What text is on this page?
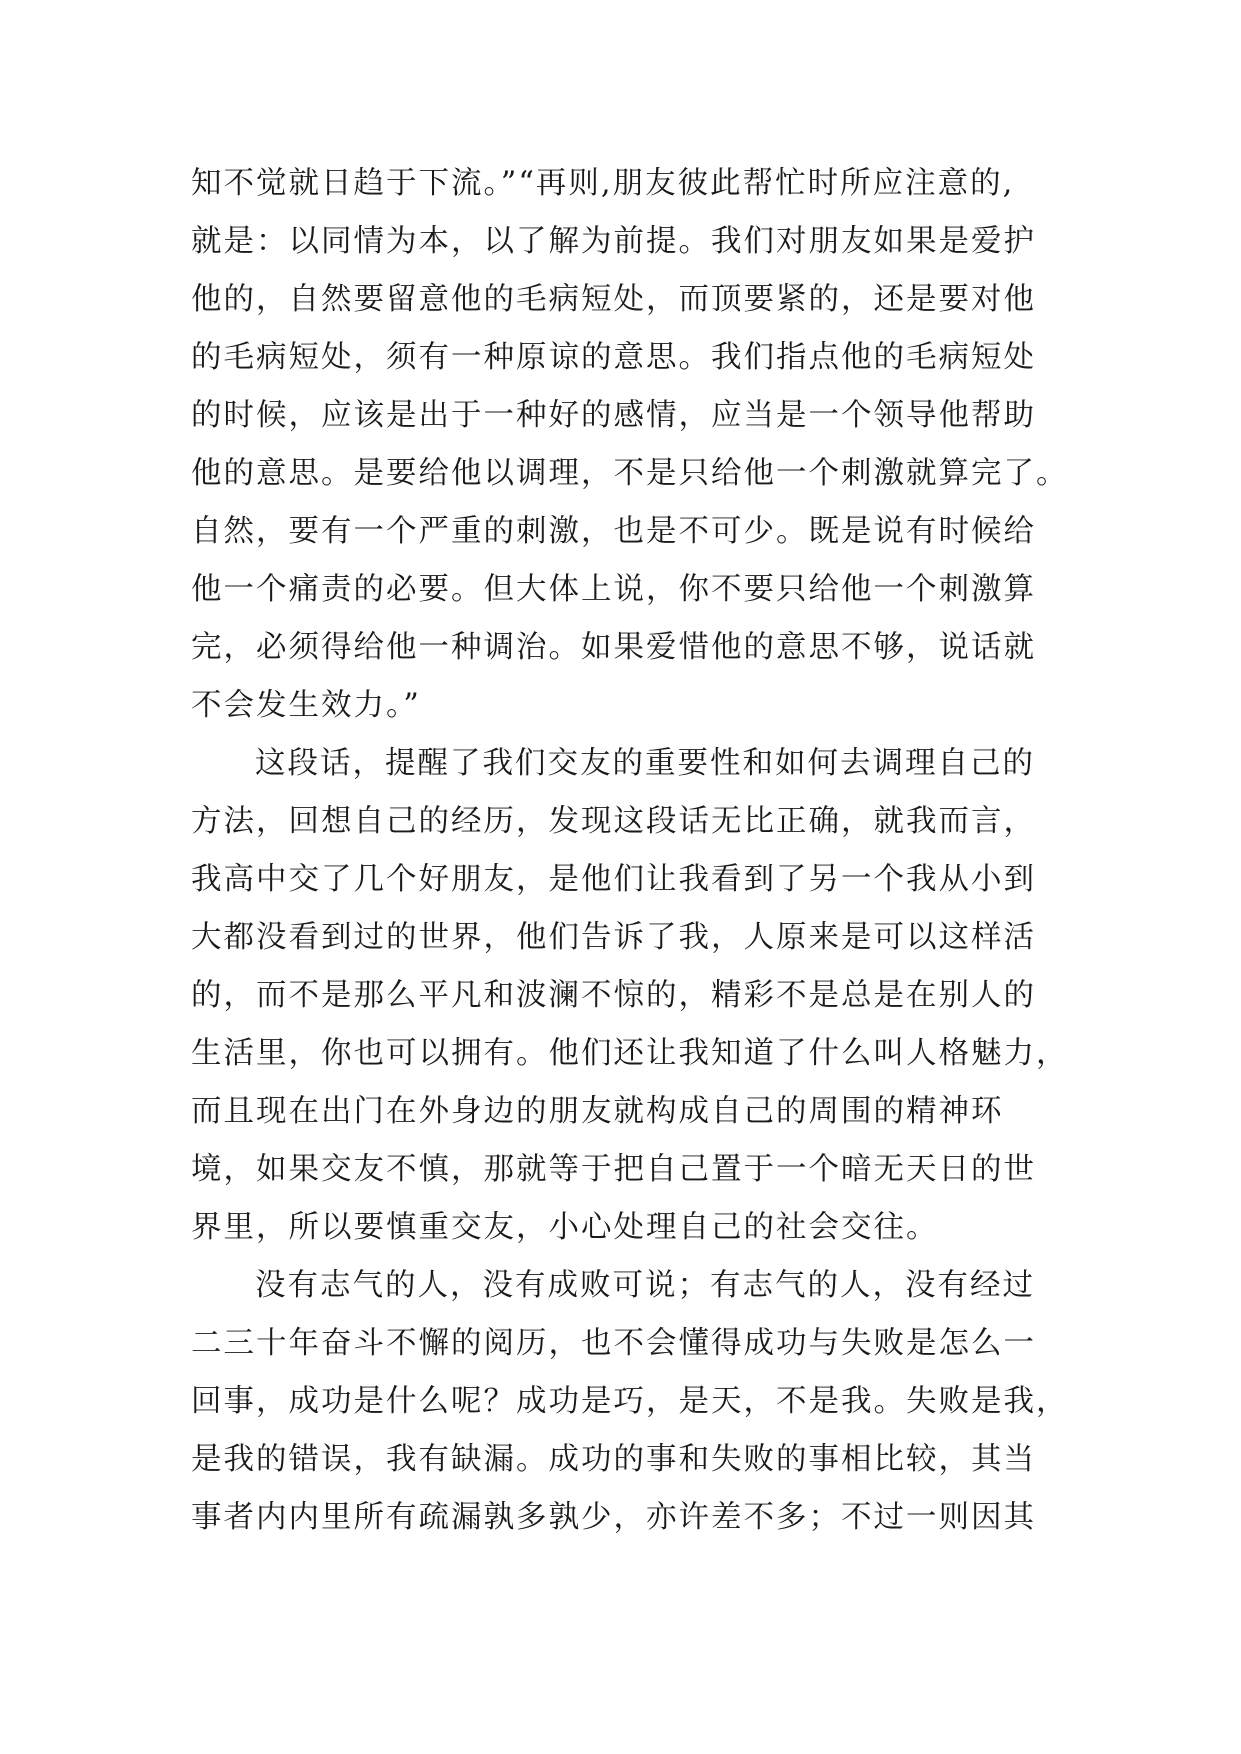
知不觉就日趋于下流。”“再则,朋友彼此帮忙时所应注意的,
就是：以同情为本，以了解为前提。我们对朋友如果是爱护
他的，自然要留意他的毛病短处，而顶要紧的，还是要对他
的毛病短处，须有一种原谅的意思。我们指点他的毛病短处
的时候，应该是出于一种好的感情，应当是一个领导他帮助
他的意思。是要给他以调理，不是只给他一个刺激就算完了。
自然，要有一个严重的刺激，也是不可少。既是说有时候给
他一个痛责的必要。但大体上说，你不要只给他一个刺激算
完，必须得给他一种调治。如果爱惜他的意思不够，说话就
不会发生效力。”
这段话，提醒了我们交友的重要性和如何去调理自己的
方法，回想自己的经历，发现这段话无比正确，就我而言，
我高中交了几个好朋友，是他们让我看到了另一个我从小到
大都没看到过的世界，他们告诉了我，人原来是可以这样活
的，而不是那么平凡和波澜不惊的，精彩不是总是在别人的
生活里，你也可以拥有。他们还让我知道了什么叫人格魅力，
而且现在出门在外身边的朋友就构成自己的周围的精神环
境，如果交友不慎，那就等于把自己置于一个暗无天日的世
界里，所以要慎重交友，小心处理自己的社会交往。
没有志气的人，没有成败可说；有志气的人，没有经过
二三十年奋斗不懈的阅历，也不会懂得成功与失败是怎么一
回事，成功是什么呢？成功是巧，是天，不是我。失败是我，
是我的错误，我有缺漏。成功的事和失败的事相比较，其当
事者内内里所有疏漏孰多孰少，亦许差不多；不过一则因其
